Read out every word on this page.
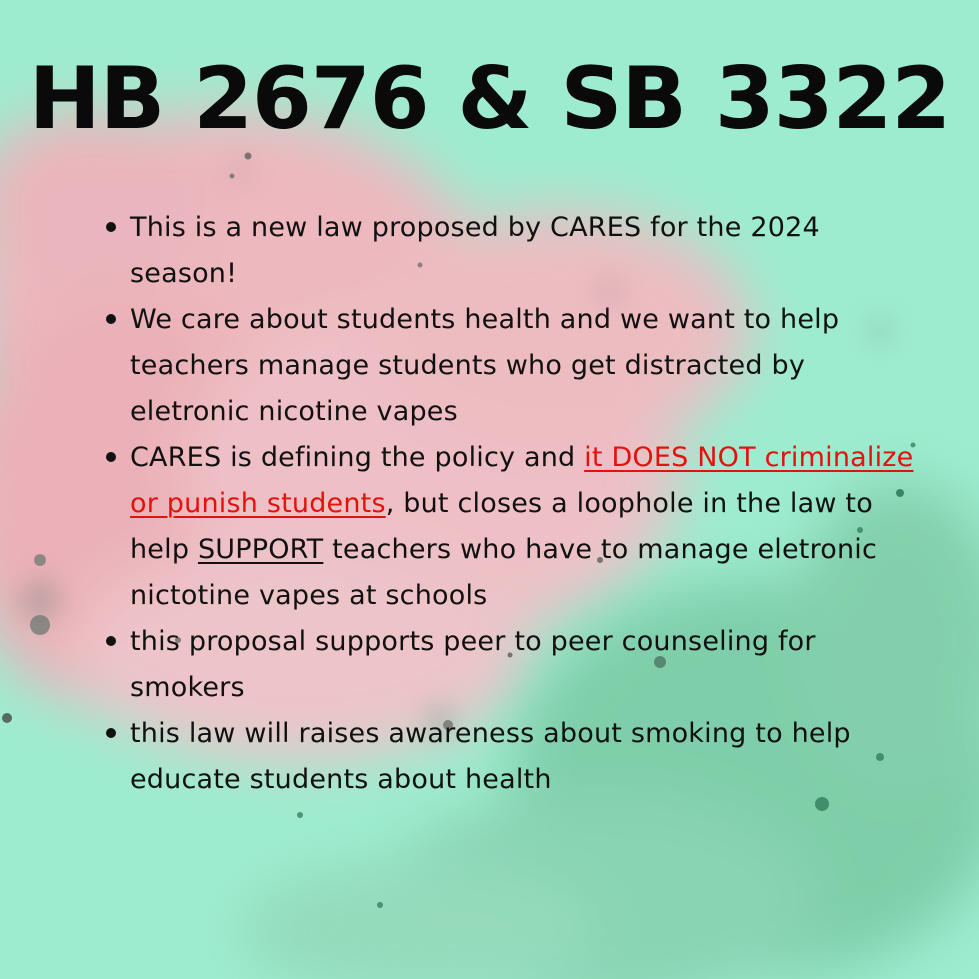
HB 2676 & SB 3322
This is a new law proposed by CARES for the 2024 season!
We care about students health and we want to help teachers manage students who get distracted by eletronic nicotine vapes
CARES is defining the policy and it DOES NOT criminalize or punish students, but closes a loophole in the law to help SUPPORT teachers who have to manage eletronic nictotine vapes at schools
this proposal supports peer to peer counseling for smokers
this law will raises awareness about smoking to help educate students about health
